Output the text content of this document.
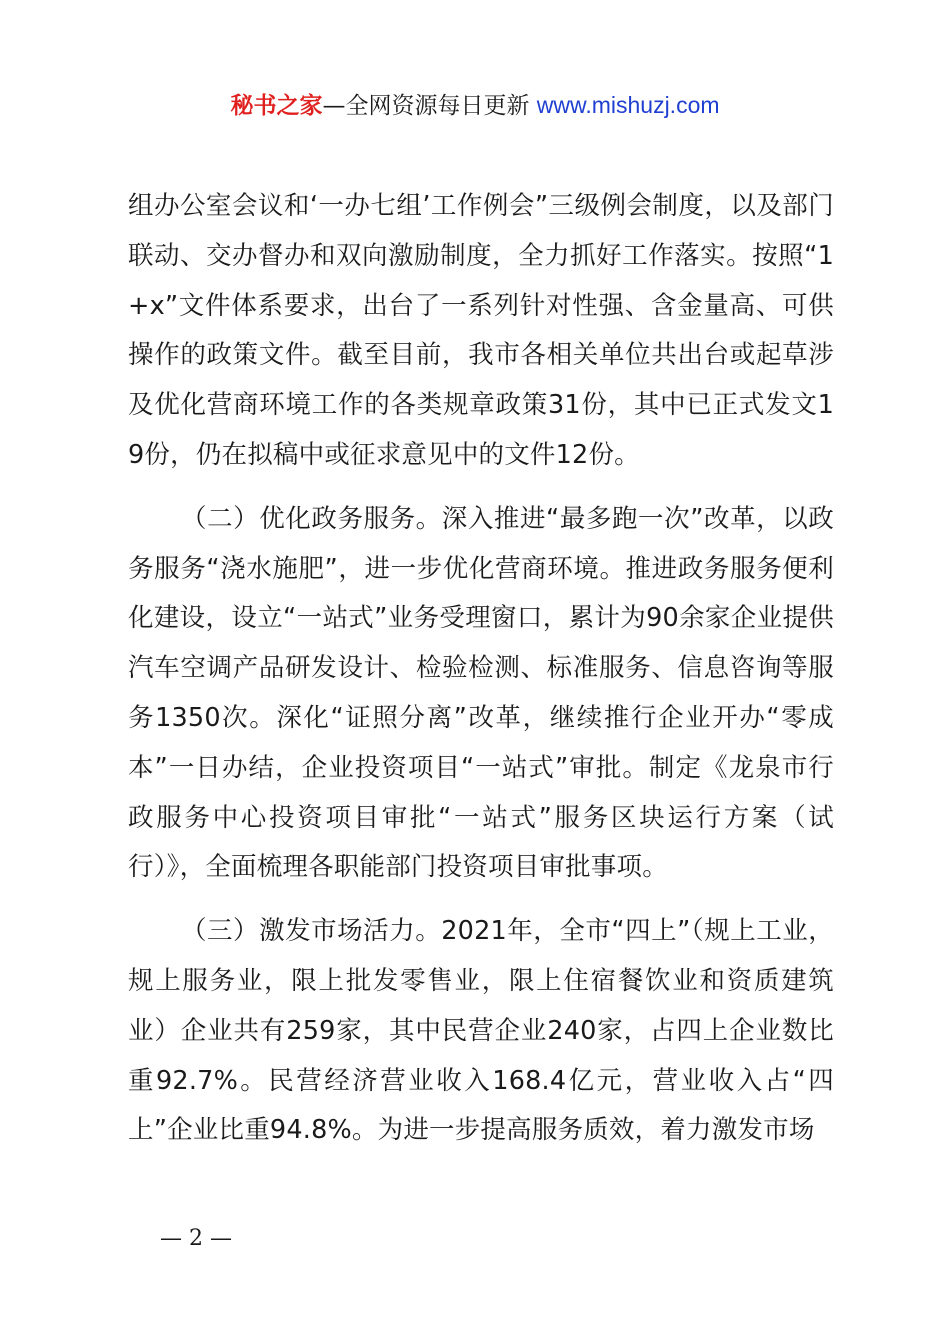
秘书之家—全网资源每日更新 www.mishuzj.com

组办公室会议和‘一办七组’工作例会”三级例会制度，以及部门联动、交办督办和双向激励制度，全力抓好工作落实。按照“1+x”文件体系要求，出台了一系列针对性强、含金量高、可供操作的政策文件。截至目前，我市各相关单位共出台或起草涉及优化营商环境工作的各类规章政策31份，其中已正式发文19份，仍在拟稿中或征求意见中的文件12份。

（二）优化政务服务。深入推进“最多跑一次”改革，以政务服务“浇水施肥”，进一步优化营商环境。推进政务服务便利化建设，设立“一站式”业务受理窗口，累计为90余家企业提供汽车空调产品研发设计、检验检测、标准服务、信息咨询等服务1350次。深化“证照分离”改革，继续推行企业开办“零成本”一日办结，企业投资项目“一站式”审批。制定《龙泉市行政服务中心投资项目审批“一站式”服务区块运行方案（试行）》，全面梳理各职能部门投资项目审批事项。

（三）激发市场活力。2021年，全市“四上”（规上工业，规上服务业，限上批发零售业，限上住宿餐饮业和资质建筑业）企业共有259家，其中民营企业240家，占四上企业数比重92.7%。民营经济营业收入168.4亿元，营业收入占“四上”企业比重94.8%。为进一步提高服务质效，着力激发市场

— 2 —
